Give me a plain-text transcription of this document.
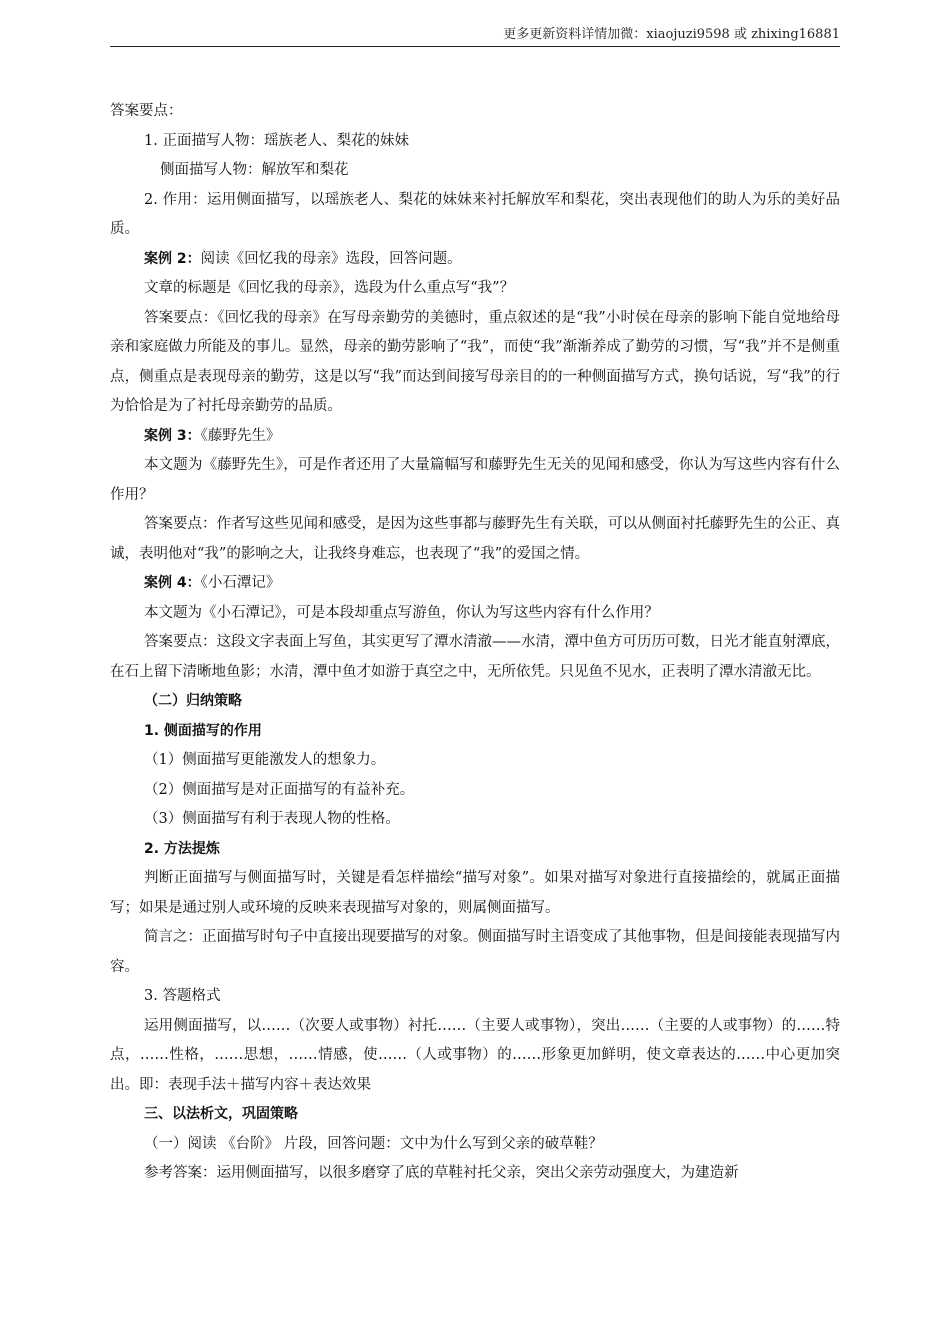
更多更新资料详情加微：xiaojuzi9598 或 zhixing16881

答案要点：

1. 正面描写人物：瑶族老人、梨花的妹妹

侧面描写人物：解放军和梨花

2. 作用：运用侧面描写，以瑶族老人、梨花的妹妹来衬托解放军和梨花，突出表现他们的助人为乐的美好品质。

案例 2：阅读《回忆我的母亲》选段，回答问题。

文章的标题是《回忆我的母亲》，选段为什么重点写“我”？

答案要点：《回忆我的母亲》在写母亲勤劳的美德时，重点叙述的是“我”小时侯在母亲的影响下能自觉地给母亲和家庭做力所能及的事儿。显然，母亲的勤劳影响了“我”，而使“我”渐渐养成了勤劳的习惯，写“我”并不是侧重点，侧重点是表现母亲的勤劳，这是以写“我”而达到间接写母亲目的的一种侧面描写方式，换句话说，写“我”的行为恰恰是为了衬托母亲勤劳的品质。

案例 3：《藤野先生》

本文题为《藤野先生》，可是作者还用了大量篇幅写和藤野先生无关的见闻和感受，你认为写这些内容有什么作用？

答案要点：作者写这些见闻和感受，是因为这些事都与藤野先生有关联，可以从侧面衬托藤野先生的公正、真诚，表明他对“我”的影响之大，让我终身难忘，也表现了“我”的爱国之情。

案例 4：《小石潭记》

本文题为《小石潭记》，可是本段却重点写游鱼，你认为写这些内容有什么作用？

答案要点：这段文字表面上写鱼，其实更写了潭水清澈——水清，潭中鱼方可历历可数，日光才能直射潭底，在石上留下清晰地鱼影；水清，潭中鱼才如游于真空之中，无所依凭。只见鱼不见水，正表明了潭水清澈无比。

（二）归纳策略

1. 侧面描写的作用

（1）侧面描写更能激发人的想象力。

（2）侧面描写是对正面描写的有益补充。

（3）侧面描写有利于表现人物的性格。

2. 方法提炼

判断正面描写与侧面描写时，关键是看怎样描绘“描写对象”。如果对描写对象进行直接描绘的，就属正面描写；如果是通过别人或环境的反映来表现描写对象的，则属侧面描写。

简言之：正面描写时句子中直接出现要描写的对象。侧面描写时主语变成了其他事物，但是间接能表现描写内容。

3. 答题格式

运用侧面描写，以……（次要人或事物）衬托……（主要人或事物），突出……（主要的人或事物）的……特点，……性格，……思想，……情感，使……（人或事物）的……形象更加鲜明，使文章表达的……中心更加突出。即：表现手法＋描写内容＋表达效果

三、以法析文，巩固策略

（一）阅读 《台阶》 片段，回答问题：文中为什么写到父亲的破草鞋？

参考答案：运用侧面描写，以很多磨穿了底的草鞋衬托父亲，突出父亲劳动强度大，为建造新
